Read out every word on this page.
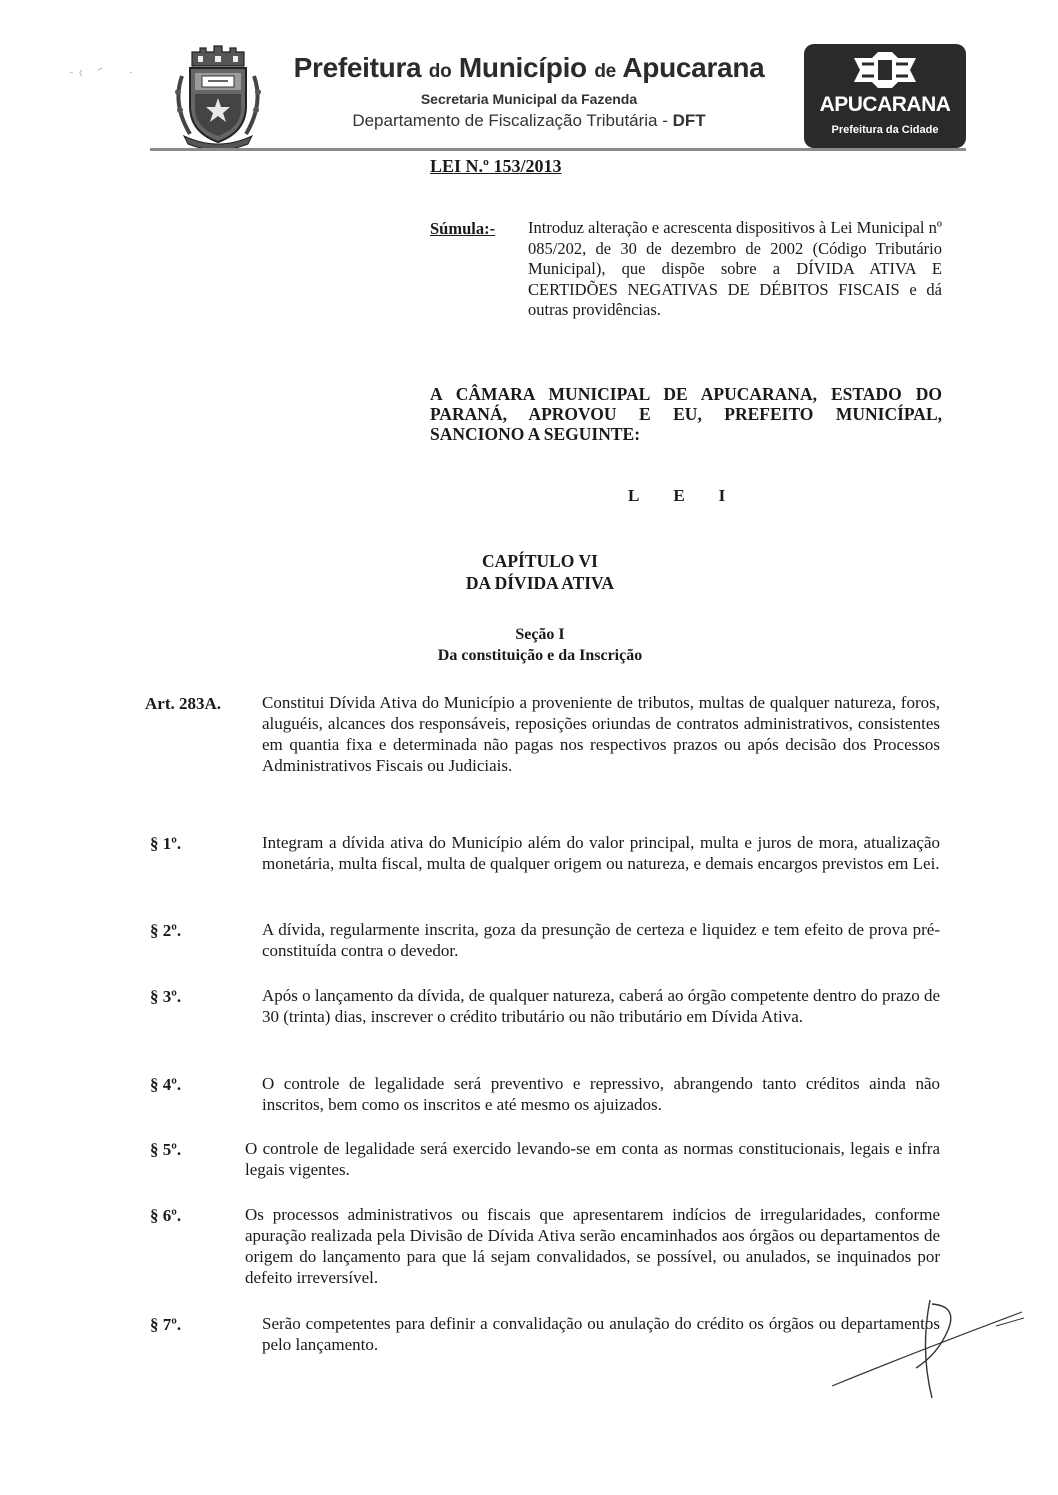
Prefeitura do Município de Apucarana
Secretaria Municipal da Fazenda
Departamento de Fiscalização Tributária - DFT
APUCARANA
Prefeitura da Cidade
LEI N.º 153/2013
Súmula:- Introduz alteração e acrescenta dispositivos à Lei Municipal nº 085/202, de 30 de dezembro de 2002 (Código Tributário Municipal), que dispõe sobre a DÍVIDA ATIVA E CERTIDÕES NEGATIVAS DE DÉBITOS FISCAIS e dá outras providências.
A CÂMARA MUNICIPAL DE APUCARANA, ESTADO DO PARANÁ, APROVOU E EU, PREFEITO MUNICÍPAL, SANCIONO A SEGUINTE:
LEI
CAPÍTULO VI
DA DÍVIDA ATIVA
Seção I
Da constituição e da Inscrição
Art. 283A. Constitui Dívida Ativa do Município a proveniente de tributos, multas de qualquer natureza, foros, aluguéis, alcances dos responsáveis, reposições oriundas de contratos administrativos, consistentes em quantia fixa e determinada não pagas nos respectivos prazos ou após decisão dos Processos Administrativos Fiscais ou Judiciais.
§ 1º.	Integram a dívida ativa do Município além do valor principal, multa e juros de mora, atualização monetária, multa fiscal, multa de qualquer origem ou natureza, e demais encargos previstos em Lei.
§ 2º.	A dívida, regularmente inscrita, goza da presunção de certeza e liquidez e tem efeito de prova pré-constituída contra o devedor.
§ 3º.	Após o lançamento da dívida, de qualquer natureza, caberá ao órgão competente dentro do prazo de 30 (trinta) dias, inscrever o crédito tributário ou não tributário em Dívida Ativa.
§ 4º.	O controle de legalidade será preventivo e repressivo, abrangendo tanto créditos ainda não inscritos, bem como os inscritos e até mesmo os ajuizados.
§ 5º.	O controle de legalidade será exercido levando-se em conta as normas constitucionais, legais e infra legais vigentes.
§ 6º.	Os processos administrativos ou fiscais que apresentarem indícios de irregularidades, conforme apuração realizada pela Divisão de Dívida Ativa serão encaminhados aos órgãos ou departamentos de origem do lançamento para que lá sejam convalidados, se possível, ou anulados, se inquinados por defeito irreversível.
§ 7º.	Serão competentes para definir a convalidação ou anulação do crédito os órgãos ou departamentos pelo lançamento.
